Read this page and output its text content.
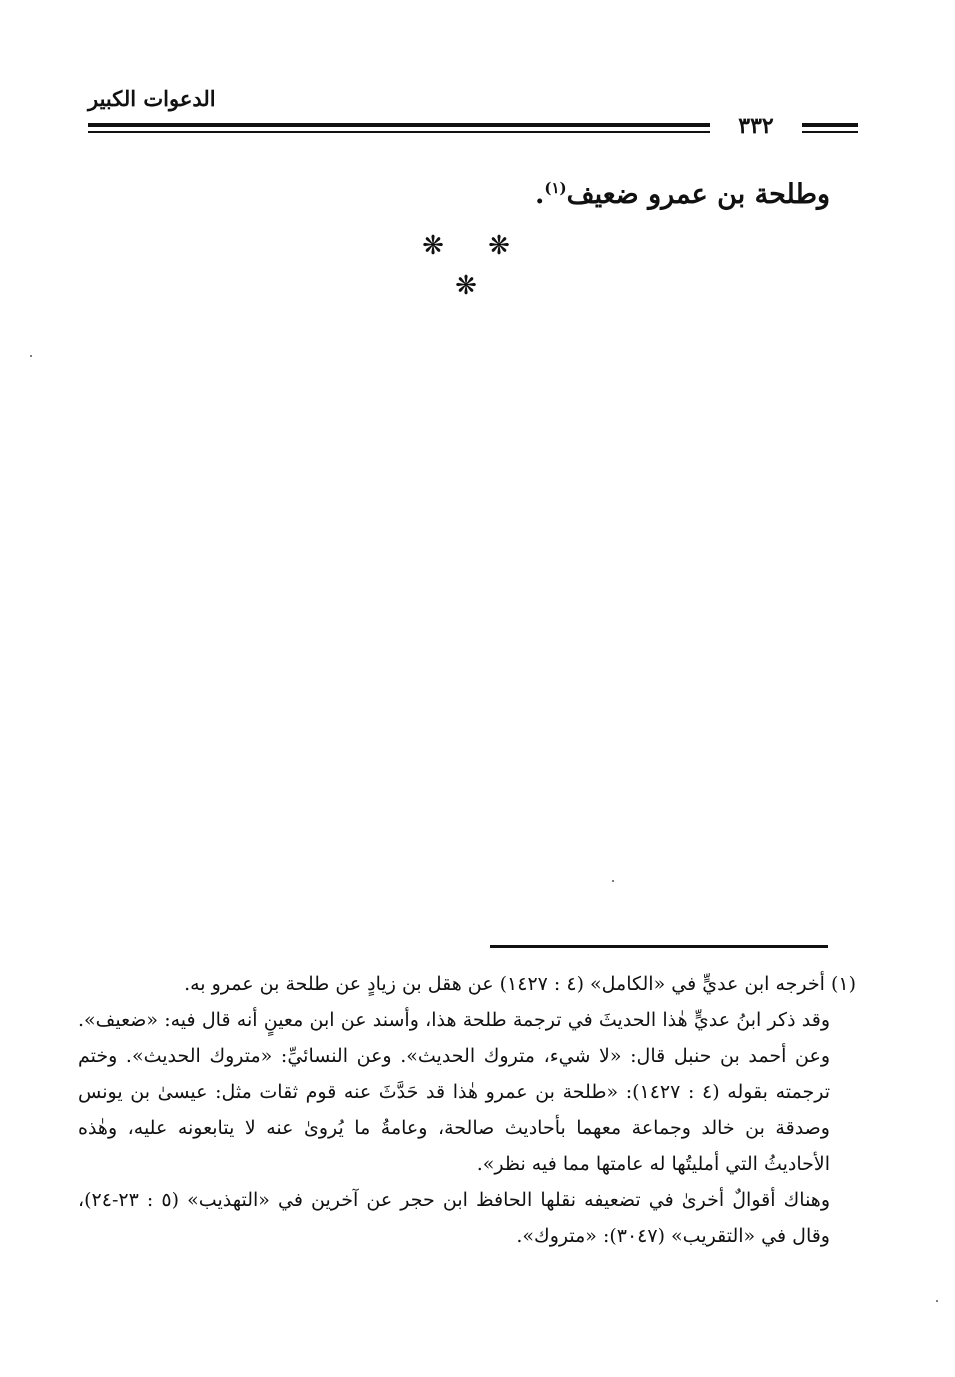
الدعوات الكبير
٣٣٢
وطلحة بن عمرو ضعيف$^{(١)}$.
❋ ❋ ❋

(١)أخرجه ابن عديٍّ في «الكامل» (٤ : ١٤٢٧) عن هقل بن زيادٍ عن طلحة بن عمرو به.

وقد ذكر ابنُ عديٍّ هٰذا الحديثَ في ترجمة طلحة هذا، وأسند عن ابن معينٍ أنه قال فيه: «ضعيف». وعن أحمد بن حنبل قال: «لا شيء، متروك الحديث». وعن النسائيِّ: «متروك الحديث». وختم ترجمته بقوله (٤ : ١٤٢٧): «طلحة بن عمرو هٰذا قد حَدَّثَ عنه قوم ثقات مثل: عيسىٰ بن يونس وصدقة بن خالد وجماعة معهما بأحاديث صالحة، وعامةُ ما يُروىٰ عنه لا يتابعونه عليه، وهٰذه الأحاديثُ التي أمليتُها له عامتها مما فيه نظر».

وهناك أقوالٌ أخرىٰ في تضعيفه نقلها الحافظ ابن حجر عن آخرين في «التهذيب» (٥ : ٢٣-٢٤)، وقال في «التقريب» (٣٠٤٧): «متروك».
